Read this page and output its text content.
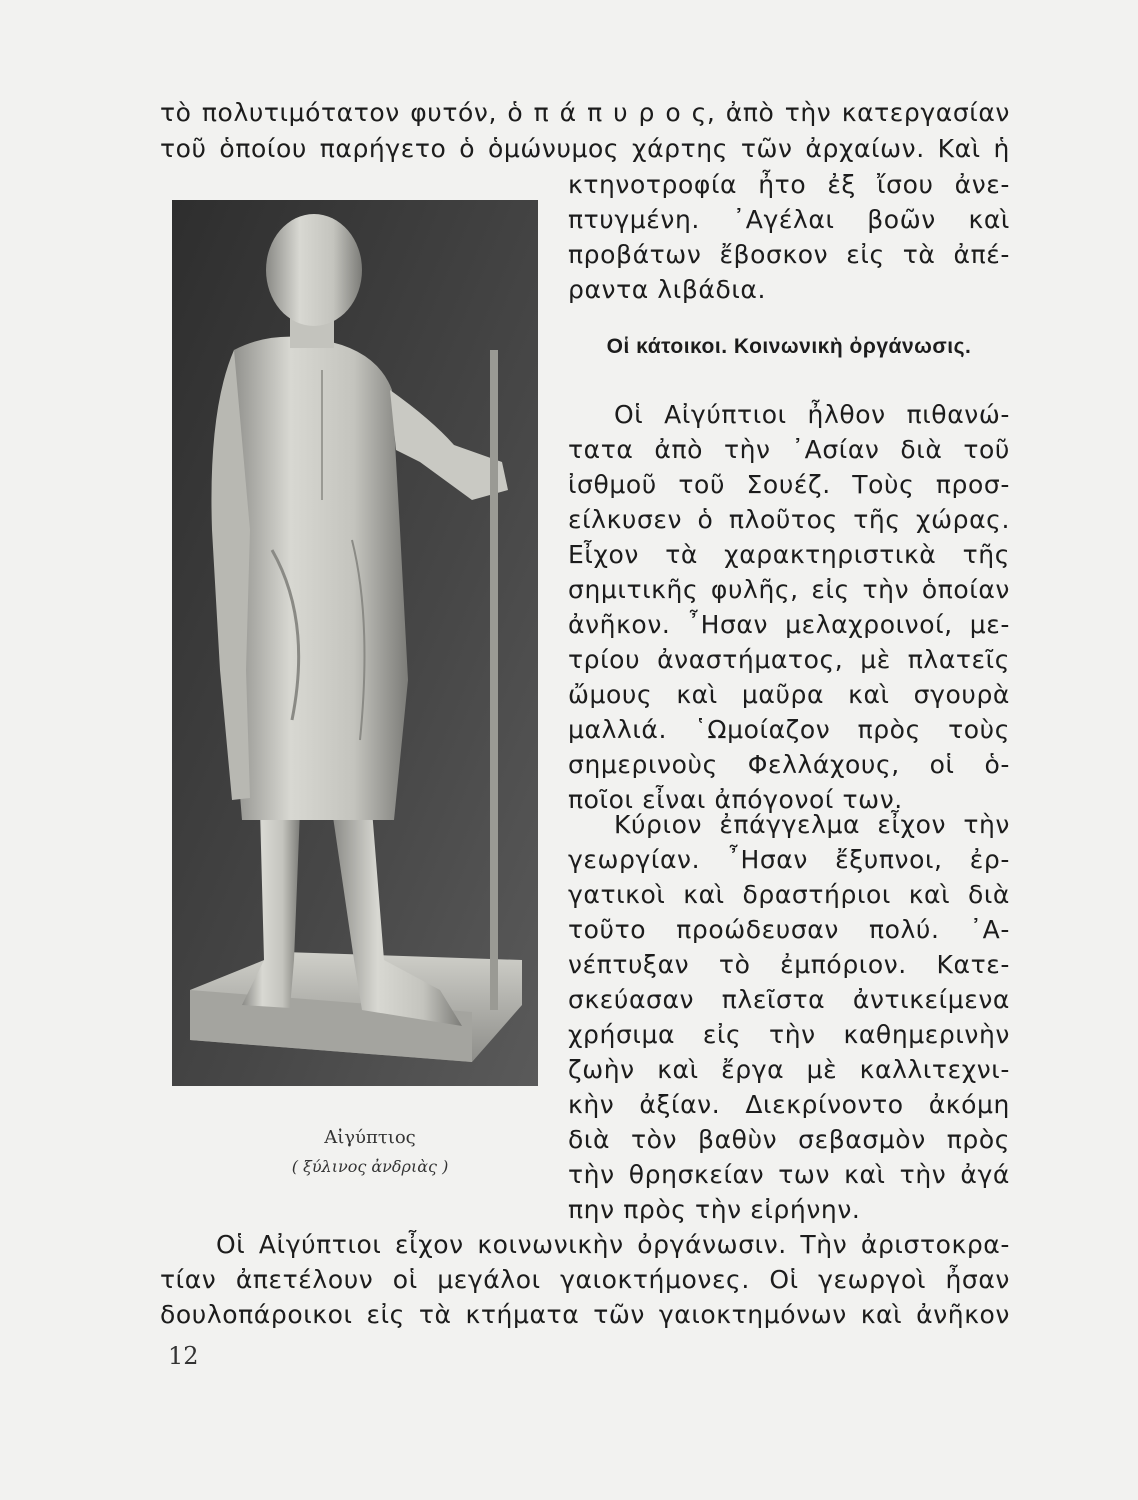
τὸ πολυτιμότατον φυτόν, ὁ π ά π υ ρ ο ς, ἀπὸ τὴν κατεργασίαν
τοῦ ὁποίου παρήγετο ὁ ὁμώνυμος χάρτης τῶν ἀρχαίων. Καὶ ἡ
κτηνοτροφία ἦτο ἐξ ἴσου ἀνε-
πτυγμένη. ᾿Αγέλαι βοῶν καὶ
προβάτων ἔβοσκον εἰς τὰ ἀπέ-
ραντα λιβάδια.
Οἱ κάτοικοι. Κοινωνικὴ ὀργάνωσις.
Οἱ Αἰγύπτιοι ἦλθον πιθανώ-
τατα ἀπὸ τὴν ᾿Ασίαν διὰ τοῦ
ἰσθμοῦ τοῦ Σουέζ. Τοὺς προσ-
είλκυσεν ὁ πλοῦτος τῆς χώρας.
Εἶχον τὰ χαρακτηριστικὰ τῆς
σημιτικῆς φυλῆς, εἰς τὴν ὁποίαν
ἀνῆκον. ῏Ησαν μελαχροινοί, με-
τρίου ἀναστήματος, μὲ πλατεῖς
ὤμους καὶ μαῦρα καὶ σγουρὰ
μαλλιά. ῾Ωμοίαζον πρὸς τοὺς
σημερινοὺς Φελλάχους, οἱ ὁ-
ποῖοι εἶναι ἀπόγονοί των.
Κύριον ἐπάγγελμα εἶχον τὴν
γεωργίαν. ῏Ησαν ἔξυπνοι, ἐρ-
γατικοὶ καὶ δραστήριοι καὶ διὰ
τοῦτο προώδευσαν πολύ. ᾿Α-
νέπτυξαν τὸ ἐμπόριον. Κατε-
σκεύασαν πλεῖστα ἀντικείμενα
χρήσιμα εἰς τὴν καθημερινὴν
ζωὴν καὶ ἔργα μὲ καλλιτεχνι-
κὴν ἀξίαν. Διεκρίνοντο ἀκόμη
διὰ τὸν βαθὺν σεβασμὸν πρὸς
τὴν θρησκείαν των καὶ τὴν ἀγά
πην πρὸς τὴν εἰρήνην.
Οἱ Αἰγύπτιοι εἶχον κοινωνικὴν ὀργάνωσιν. Τὴν ἀριστοκρα-
τίαν ἀπετέλουν οἱ μεγάλοι γαιοκτήμονες. Οἱ γεωργοὶ ἦσαν
δουλοπάροικοι εἰς τὰ κτήματα τῶν γαιοκτημόνων καὶ ἀνῆκον
Αἰγύπτιος
( ξύλινος ἀνδριὰς )
12
